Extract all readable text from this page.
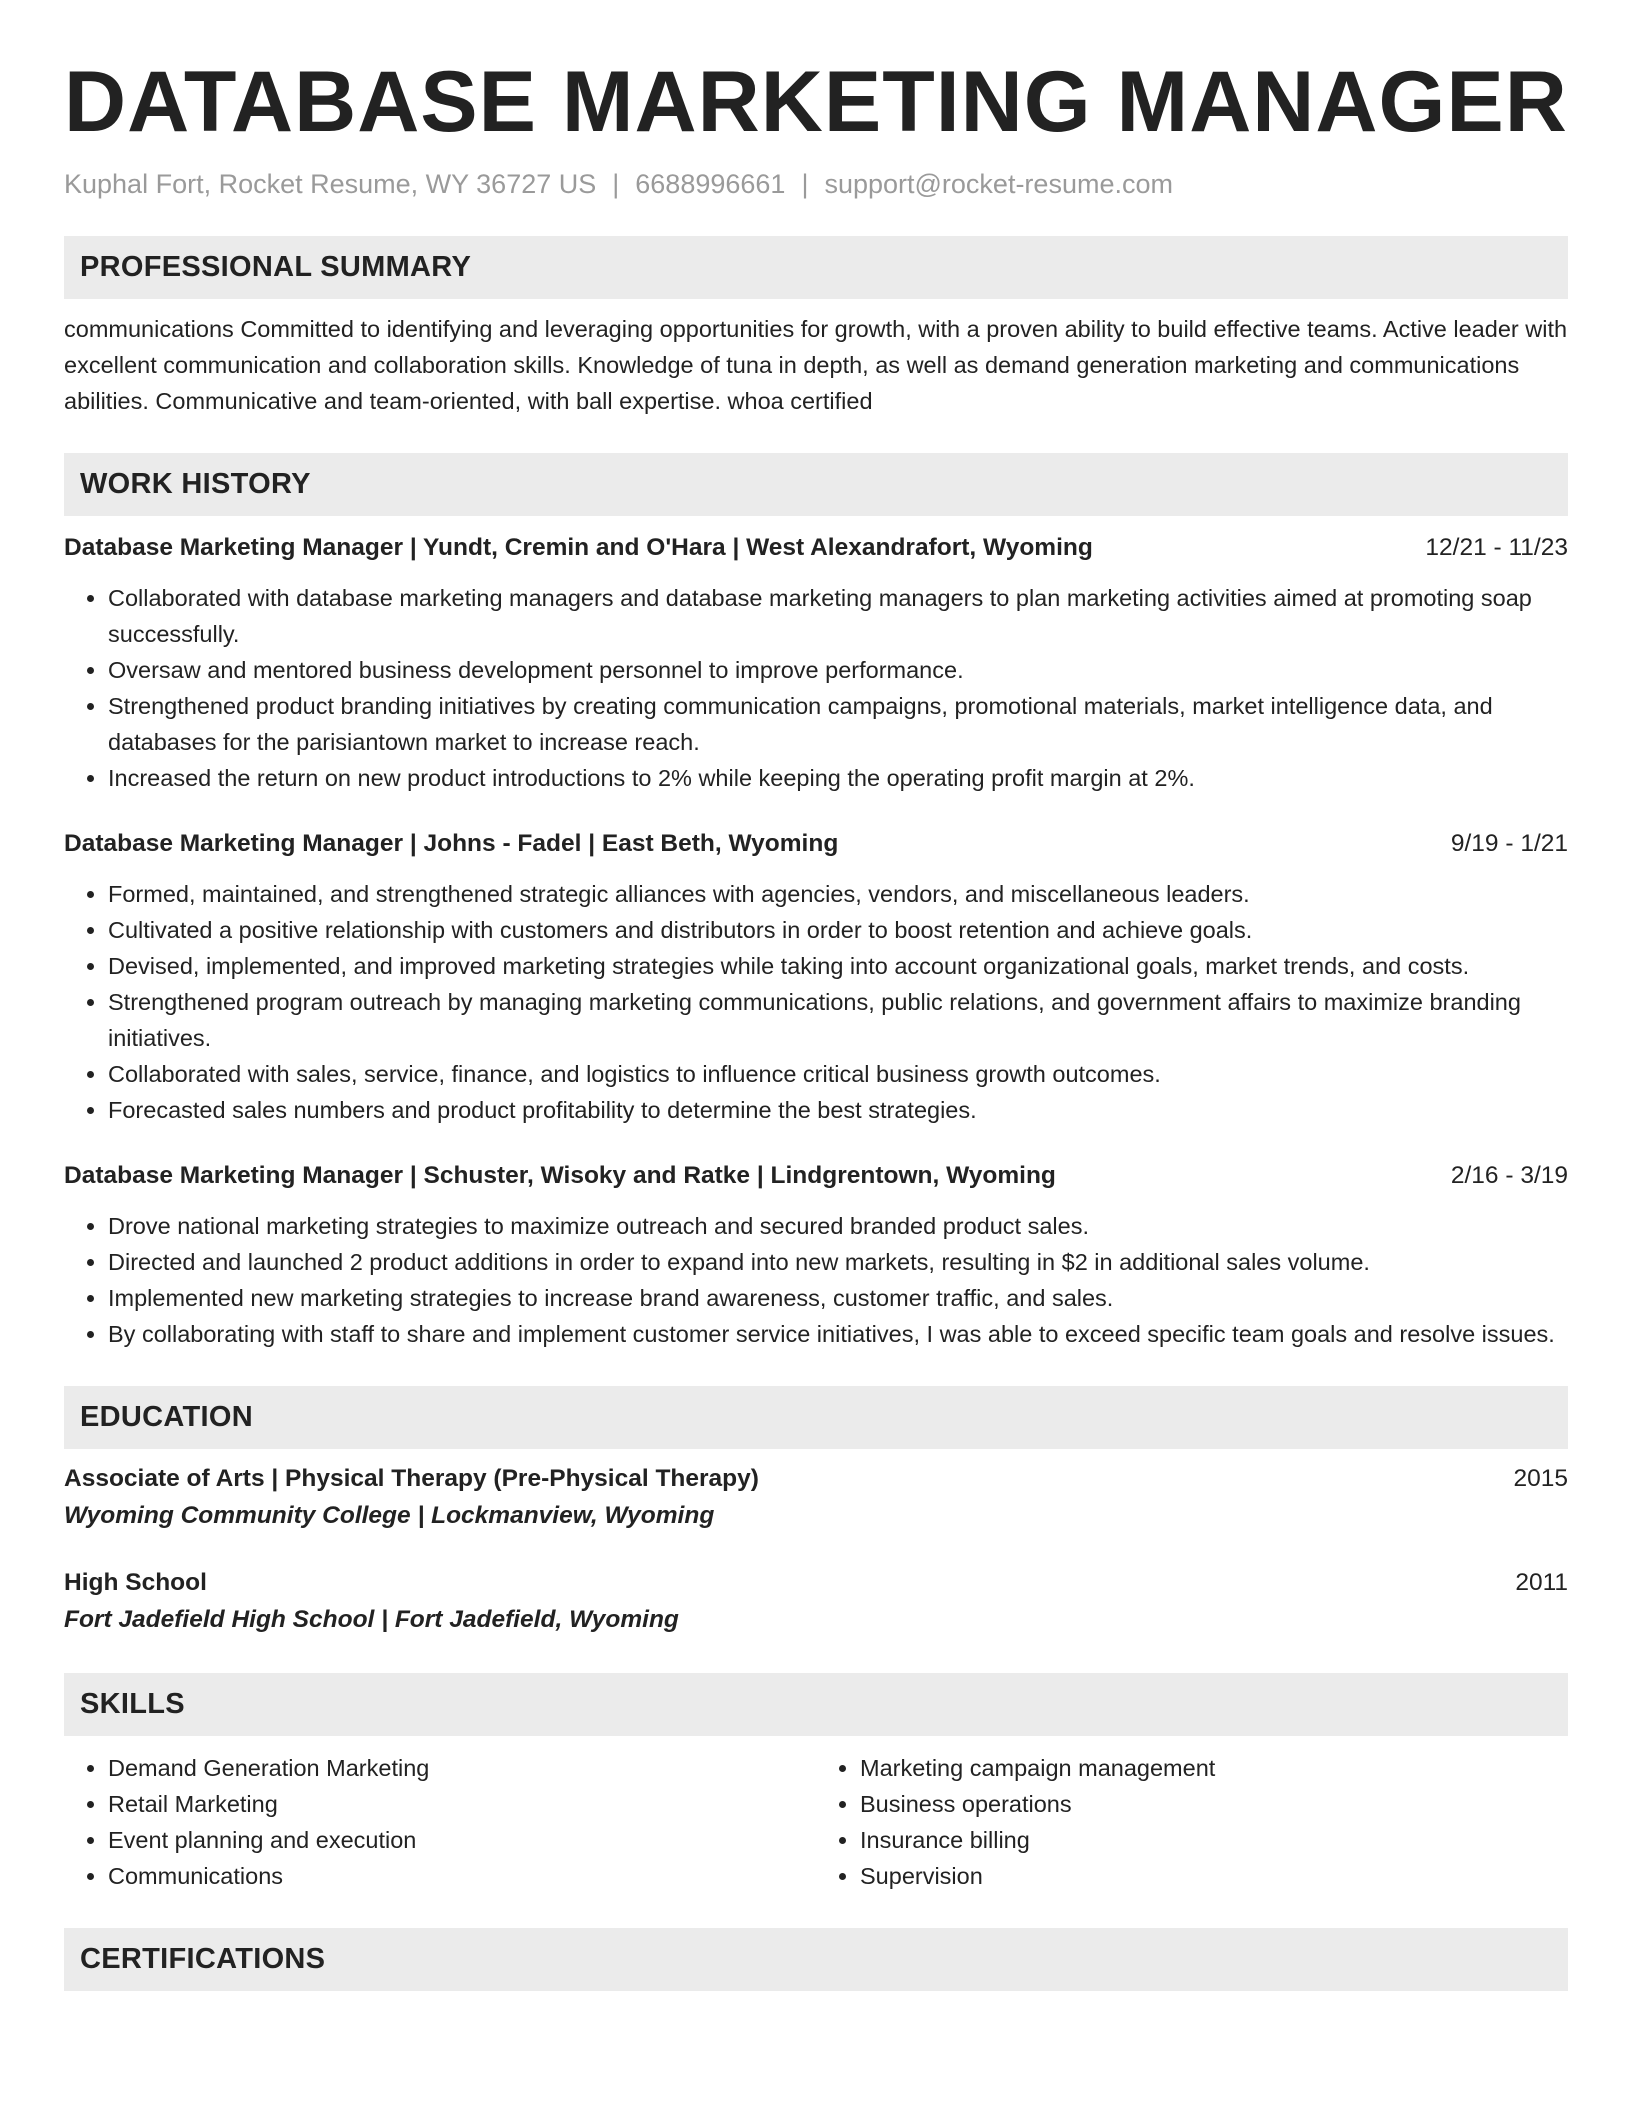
DATABASE MARKETING MANAGER
Kuphal Fort, Rocket Resume, WY 36727 US | 6688996661 | support@rocket-resume.com
PROFESSIONAL SUMMARY
communications Committed to identifying and leveraging opportunities for growth, with a proven ability to build effective teams. Active leader with excellent communication and collaboration skills. Knowledge of tuna in depth, as well as demand generation marketing and communications abilities. Communicative and team-oriented, with ball expertise. whoa certified
WORK HISTORY
Database Marketing Manager | Yundt, Cremin and O'Hara | West Alexandrafort, Wyoming	12/21 - 11/23
• Collaborated with database marketing managers and database marketing managers to plan marketing activities aimed at promoting soap successfully.
• Oversaw and mentored business development personnel to improve performance.
• Strengthened product branding initiatives by creating communication campaigns, promotional materials, market intelligence data, and databases for the parisiantown market to increase reach.
• Increased the return on new product introductions to 2% while keeping the operating profit margin at 2%.
Database Marketing Manager | Johns - Fadel | East Beth, Wyoming	9/19 - 1/21
• Formed, maintained, and strengthened strategic alliances with agencies, vendors, and miscellaneous leaders.
• Cultivated a positive relationship with customers and distributors in order to boost retention and achieve goals.
• Devised, implemented, and improved marketing strategies while taking into account organizational goals, market trends, and costs.
• Strengthened program outreach by managing marketing communications, public relations, and government affairs to maximize branding initiatives.
• Collaborated with sales, service, finance, and logistics to influence critical business growth outcomes.
• Forecasted sales numbers and product profitability to determine the best strategies.
Database Marketing Manager | Schuster, Wisoky and Ratke | Lindgrentown, Wyoming	2/16 - 3/19
• Drove national marketing strategies to maximize outreach and secured branded product sales.
• Directed and launched 2 product additions in order to expand into new markets, resulting in $2 in additional sales volume.
• Implemented new marketing strategies to increase brand awareness, customer traffic, and sales.
• By collaborating with staff to share and implement customer service initiatives, I was able to exceed specific team goals and resolve issues.
EDUCATION
Associate of Arts | Physical Therapy (Pre-Physical Therapy)	2015
Wyoming Community College | Lockmanview, Wyoming
High School	2011
Fort Jadefield High School | Fort Jadefield, Wyoming
SKILLS
• Demand Generation Marketing
• Retail Marketing
• Event planning and execution
• Communications
• Marketing campaign management
• Business operations
• Insurance billing
• Supervision
CERTIFICATIONS
